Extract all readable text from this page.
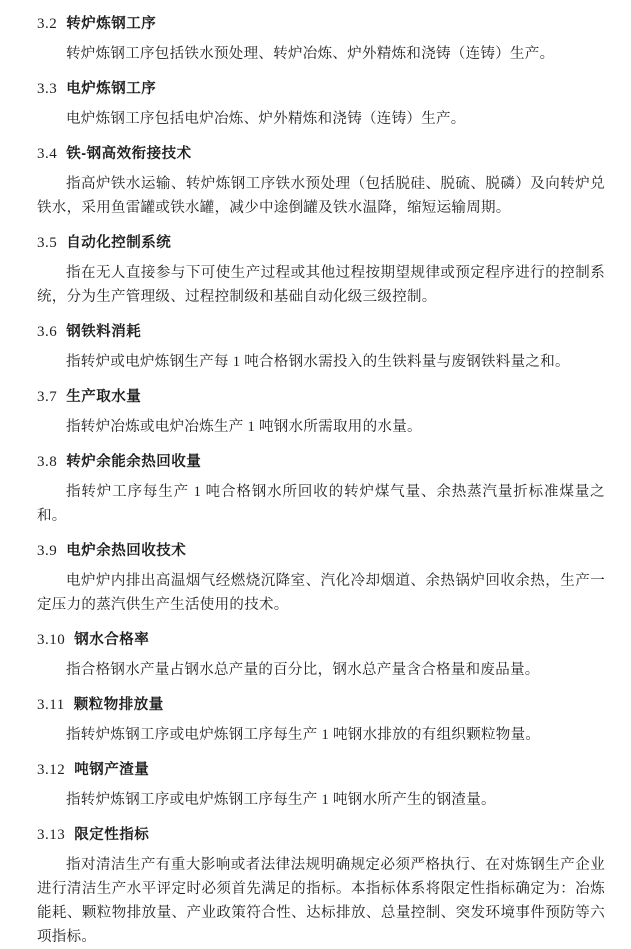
3.2 转炉炼钢工序

转炉炼钢工序包括铁水预处理、转炉冶炼、炉外精炼和浇铸（连铸）生产。

3.3 电炉炼钢工序

电炉炼钢工序包括电炉冶炼、炉外精炼和浇铸（连铸）生产。

3.4 铁-钢高效衔接技术

指高炉铁水运输、转炉炼钢工序铁水预处理（包括脱硅、脱硫、脱磷）及向转炉兑铁水，采用鱼雷罐或铁水罐，减少中途倒罐及铁水温降，缩短运输周期。

3.5 自动化控制系统

指在无人直接参与下可使生产过程或其他过程按期望规律或预定程序进行的控制系统，分为生产管理级、过程控制级和基础自动化级三级控制。

3.6 钢铁料消耗

指转炉或电炉炼钢生产每 1 吨合格钢水需投入的生铁料量与废钢铁料量之和。

3.7 生产取水量

指转炉冶炼或电炉冶炼生产 1 吨钢水所需取用的水量。

3.8 转炉余能余热回收量

指转炉工序每生产 1 吨合格钢水所回收的转炉煤气量、余热蒸汽量折标准煤量之和。

3.9 电炉余热回收技术

电炉炉内排出高温烟气经燃烧沉降室、汽化冷却烟道、余热锅炉回收余热，生产一定压力的蒸汽供生产生活使用的技术。

3.10 钢水合格率

指合格钢水产量占钢水总产量的百分比，钢水总产量含合格量和废品量。

3.11 颗粒物排放量

指转炉炼钢工序或电炉炼钢工序每生产 1 吨钢水排放的有组织颗粒物量。

3.12 吨钢产渣量

指转炉炼钢工序或电炉炼钢工序每生产 1 吨钢水所产生的钢渣量。

3.13 限定性指标

指对清洁生产有重大影响或者法律法规明确规定必须严格执行、在对炼钢生产企业进行清洁生产水平评定时必须首先满足的指标。本指标体系将限定性指标确定为：冶炼能耗、颗粒物排放量、产业政策符合性、达标排放、总量控制、突发环境事件预防等六项指标。
